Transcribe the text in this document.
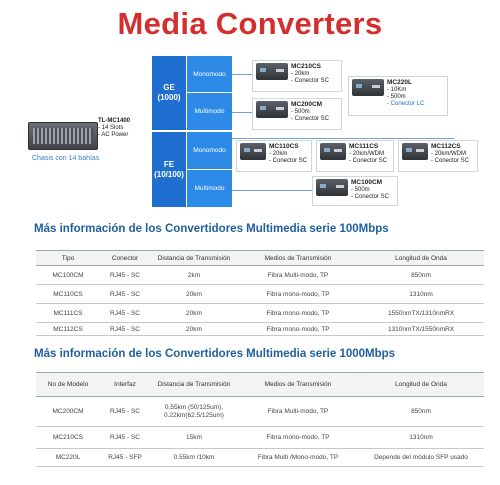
Media Converters
TL-MC1400
- 14 Slots
- AC Power
Chasis con 14 bahías
GE
(1000)
Monomodo
Multimodo
FE
(10/100)
Monomodo
Multimodo
MC210CS
- 20km
- Conector SC	MC220L
- 10Km
- 500m
- Conector LC
MC200CM
- 500m
- Conector SC
MC110CS
- 20km
- Conector SC
MC111CS
- 20km/WDM
- Conector SC
MC112CS
- 20km/WDM
- Conector SC
MC100CM
- 500m
- Conector SC
Más información de los Convertidores Multimedia serie 100Mbps
Tipo	Conector	Distancia de Transmisión	Medios de Transmisión	Longitud de Onda
MC100CM	RJ45 - SC	2km	Fibra Multi-modo, TP	850nm
MC110CS	RJ45 - SC	20km	Fibra mono-modo, TP	1310nm
MC111CS	RJ45 - SC	20km	Fibra mono-modo, TP	1550nmTX/1310nmRX
MC112CS	RJ45 - SC	20km	Fibra mono-modo, TP	1310nmTX/1550nmRX
Más información de los Convertidores Multimedia serie 1000Mbps
No de Modelo	Interfaz	Distancia de Transmisión	Medios de Transmisión	Longitud de Onda
MC200CM	RJ45 - SC	0.55km (50/125um), 0.22km(62.5/125um)	Fibra Multi-modo, TP	850nm
MC210CS	RJ45 - SC	15km	Fibra mono-modo, TP	1310nm
MC220L	RJ45 - SFP	0.55km /10km	Fibra Multi /Mono-modo, TP	Depende del módulo SFP usado
